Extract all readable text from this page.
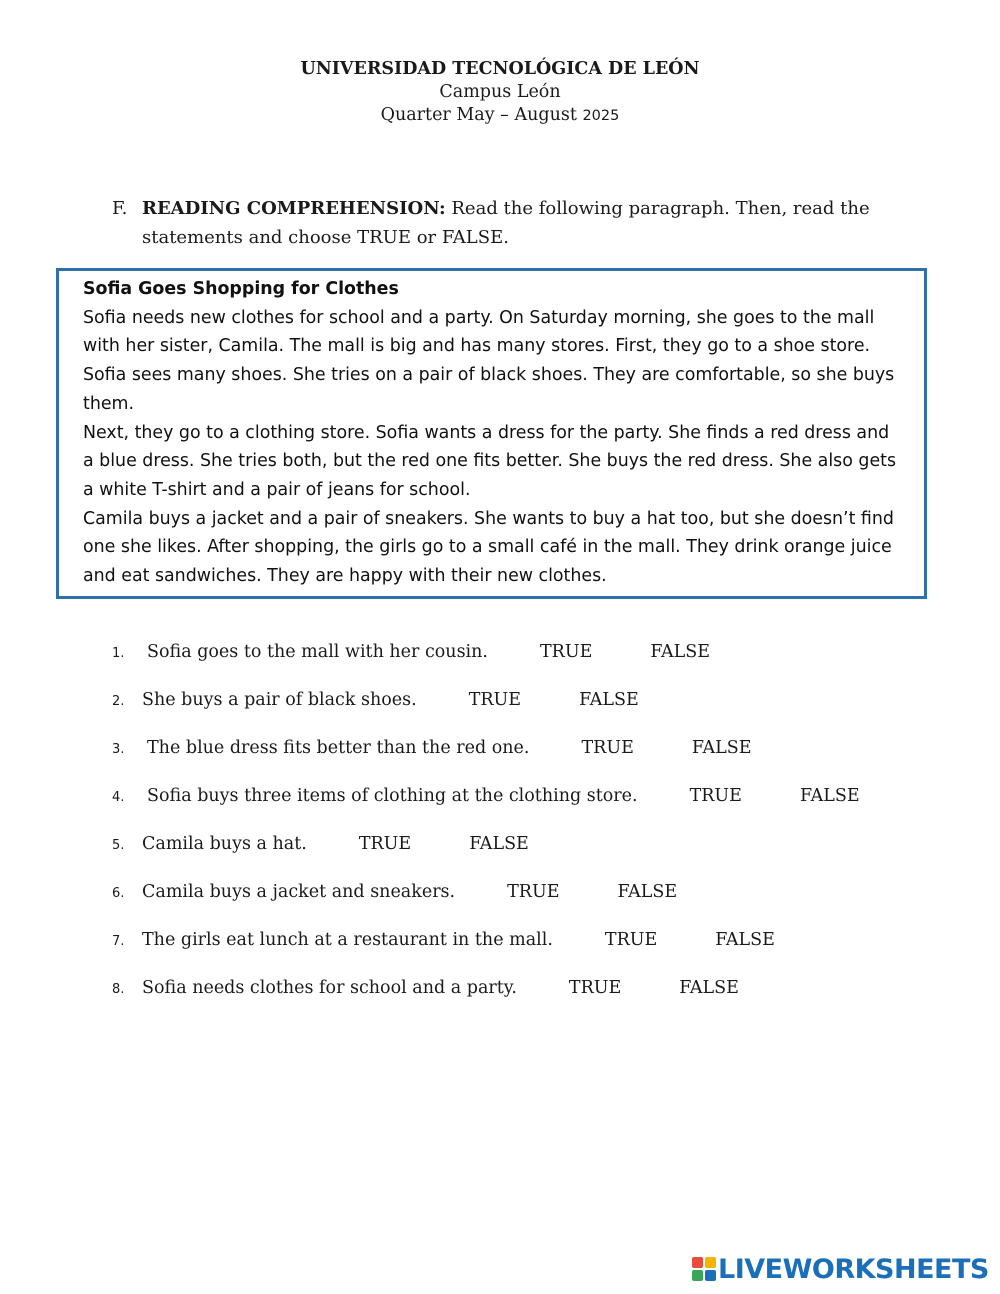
UNIVERSIDAD TECNOLÓGICA DE LEÓN
Campus León
Quarter May – August 2025
F. READING COMPREHENSION: Read the following paragraph. Then, read the statements and choose TRUE or FALSE.
Sofia Goes Shopping for Clothes

Sofia needs new clothes for school and a party. On Saturday morning, she goes to the mall with her sister, Camila. The mall is big and has many stores. First, they go to a shoe store. Sofia sees many shoes. She tries on a pair of black shoes. They are comfortable, so she buys them.

Next, they go to a clothing store. Sofia wants a dress for the party. She finds a red dress and a blue dress. She tries both, but the red one fits better. She buys the red dress. She also gets a white T-shirt and a pair of jeans for school.

Camila buys a jacket and a pair of sneakers. She wants to buy a hat too, but she doesn’t find one she likes. After shopping, the girls go to a small café in the mall. They drink orange juice and eat sandwiches. They are happy with their new clothes.

1. Sofia goes to the mall with her cousin.	TRUE	FALSE
2. She buys a pair of black shoes.	TRUE	FALSE
3. The blue dress fits better than the red one.	TRUE	FALSE
4. Sofia buys three items of clothing at the clothing store.	TRUE	FALSE
5. Camila buys a hat.	TRUE	FALSE
6. Camila buys a jacket and sneakers.	TRUE	FALSE
7. The girls eat lunch at a restaurant in the mall.	TRUE	FALSE
8. Sofia needs clothes for school and a party.	TRUE	FALSE
LIVEWORKSHEETS
